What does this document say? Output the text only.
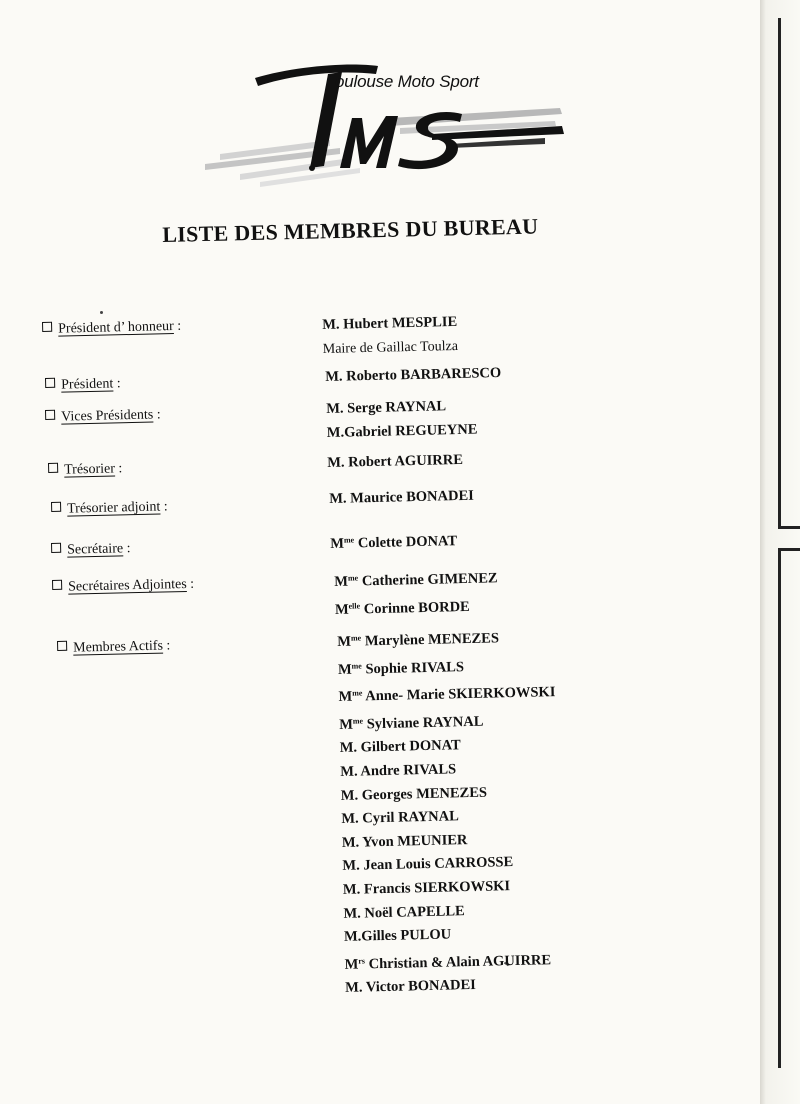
oulouse Moto Sport
LISTE DES MEMBRES DU BUREAU
Président d’ honneur :	M. Hubert MESPLIE
Maire de Gaillac Toulza
Président :	M. Roberto BARBARESCO
Vices Présidents :	M. Serge RAYNAL
M.Gabriel REGUEYNE
Trésorier :	M. Robert AGUIRRE
Trésorier adjoint :	M. Maurice BONADEI
Secrétaire :	$M^{me}$ Colette DONAT
Secrétaires Adjointes :	$M^{me}$ Catherine GIMENEZ
$M^{elle}$ Corinne BORDE
Membres Actifs :	$M^{me}$ Marylène MENEZES
$M^{me}$ Sophie RIVALS
$M^{me}$ Anne- Marie SKIERKOWSKI
$M^{me}$ Sylviane RAYNAL
M. Gilbert DONAT
M. Andre RIVALS
M. Georges MENEZES
M. Cyril RAYNAL
M. Yvon MEUNIER
M. Jean Louis CARROSSE
M. Francis SIERKOWSKI
M. Noël CAPELLE
M.Gilles PULOU
$M^{rs}$ Christian & Alain AGUIRRE
M. Victor BONADEI
